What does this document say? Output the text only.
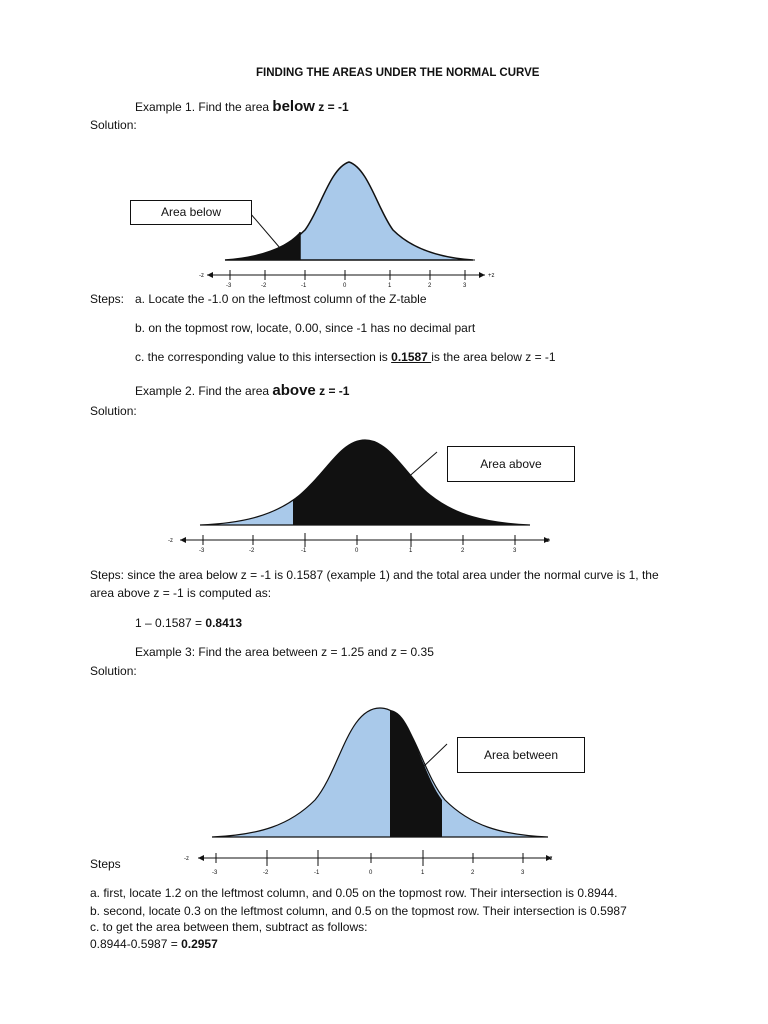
FINDING THE AREAS UNDER THE NORMAL CURVE
Example 1. Find the area below z = -1
Solution:
-z	+z
-3	-2	-1	0	1	2	3
Area below
Steps: a. Locate the -1.0 on the leftmost column of the Z-table
b. on the topmost row, locate, 0.00, since -1 has no decimal part
c. the corresponding value to this intersection is 0.1587 is the area below z = -1
Example 2. Find the area above z = -1
Solution:
-z	+z
-3	-2	-1	0	1	2	3
Area above
Steps: since the area below z = -1 is 0.1587 (example 1) and the total area under the normal curve is 1, the
area above z = -1 is computed as:
1 – 0.1587 = 0.8413
Example 3: Find the area between z = 1.25 and z = 0.35
Solution:
-z	+z
-3	-2	-1	0	1	2	3
Area between
Steps
a. first, locate 1.2 on the leftmost column, and 0.05 on the topmost row. Their intersection is 0.8944.
b. second, locate 0.3 on the leftmost column, and 0.5 on the topmost row. Their intersection is 0.5987
c. to get the area between them, subtract as follows:
0.8944-0.5987 = 0.2957
